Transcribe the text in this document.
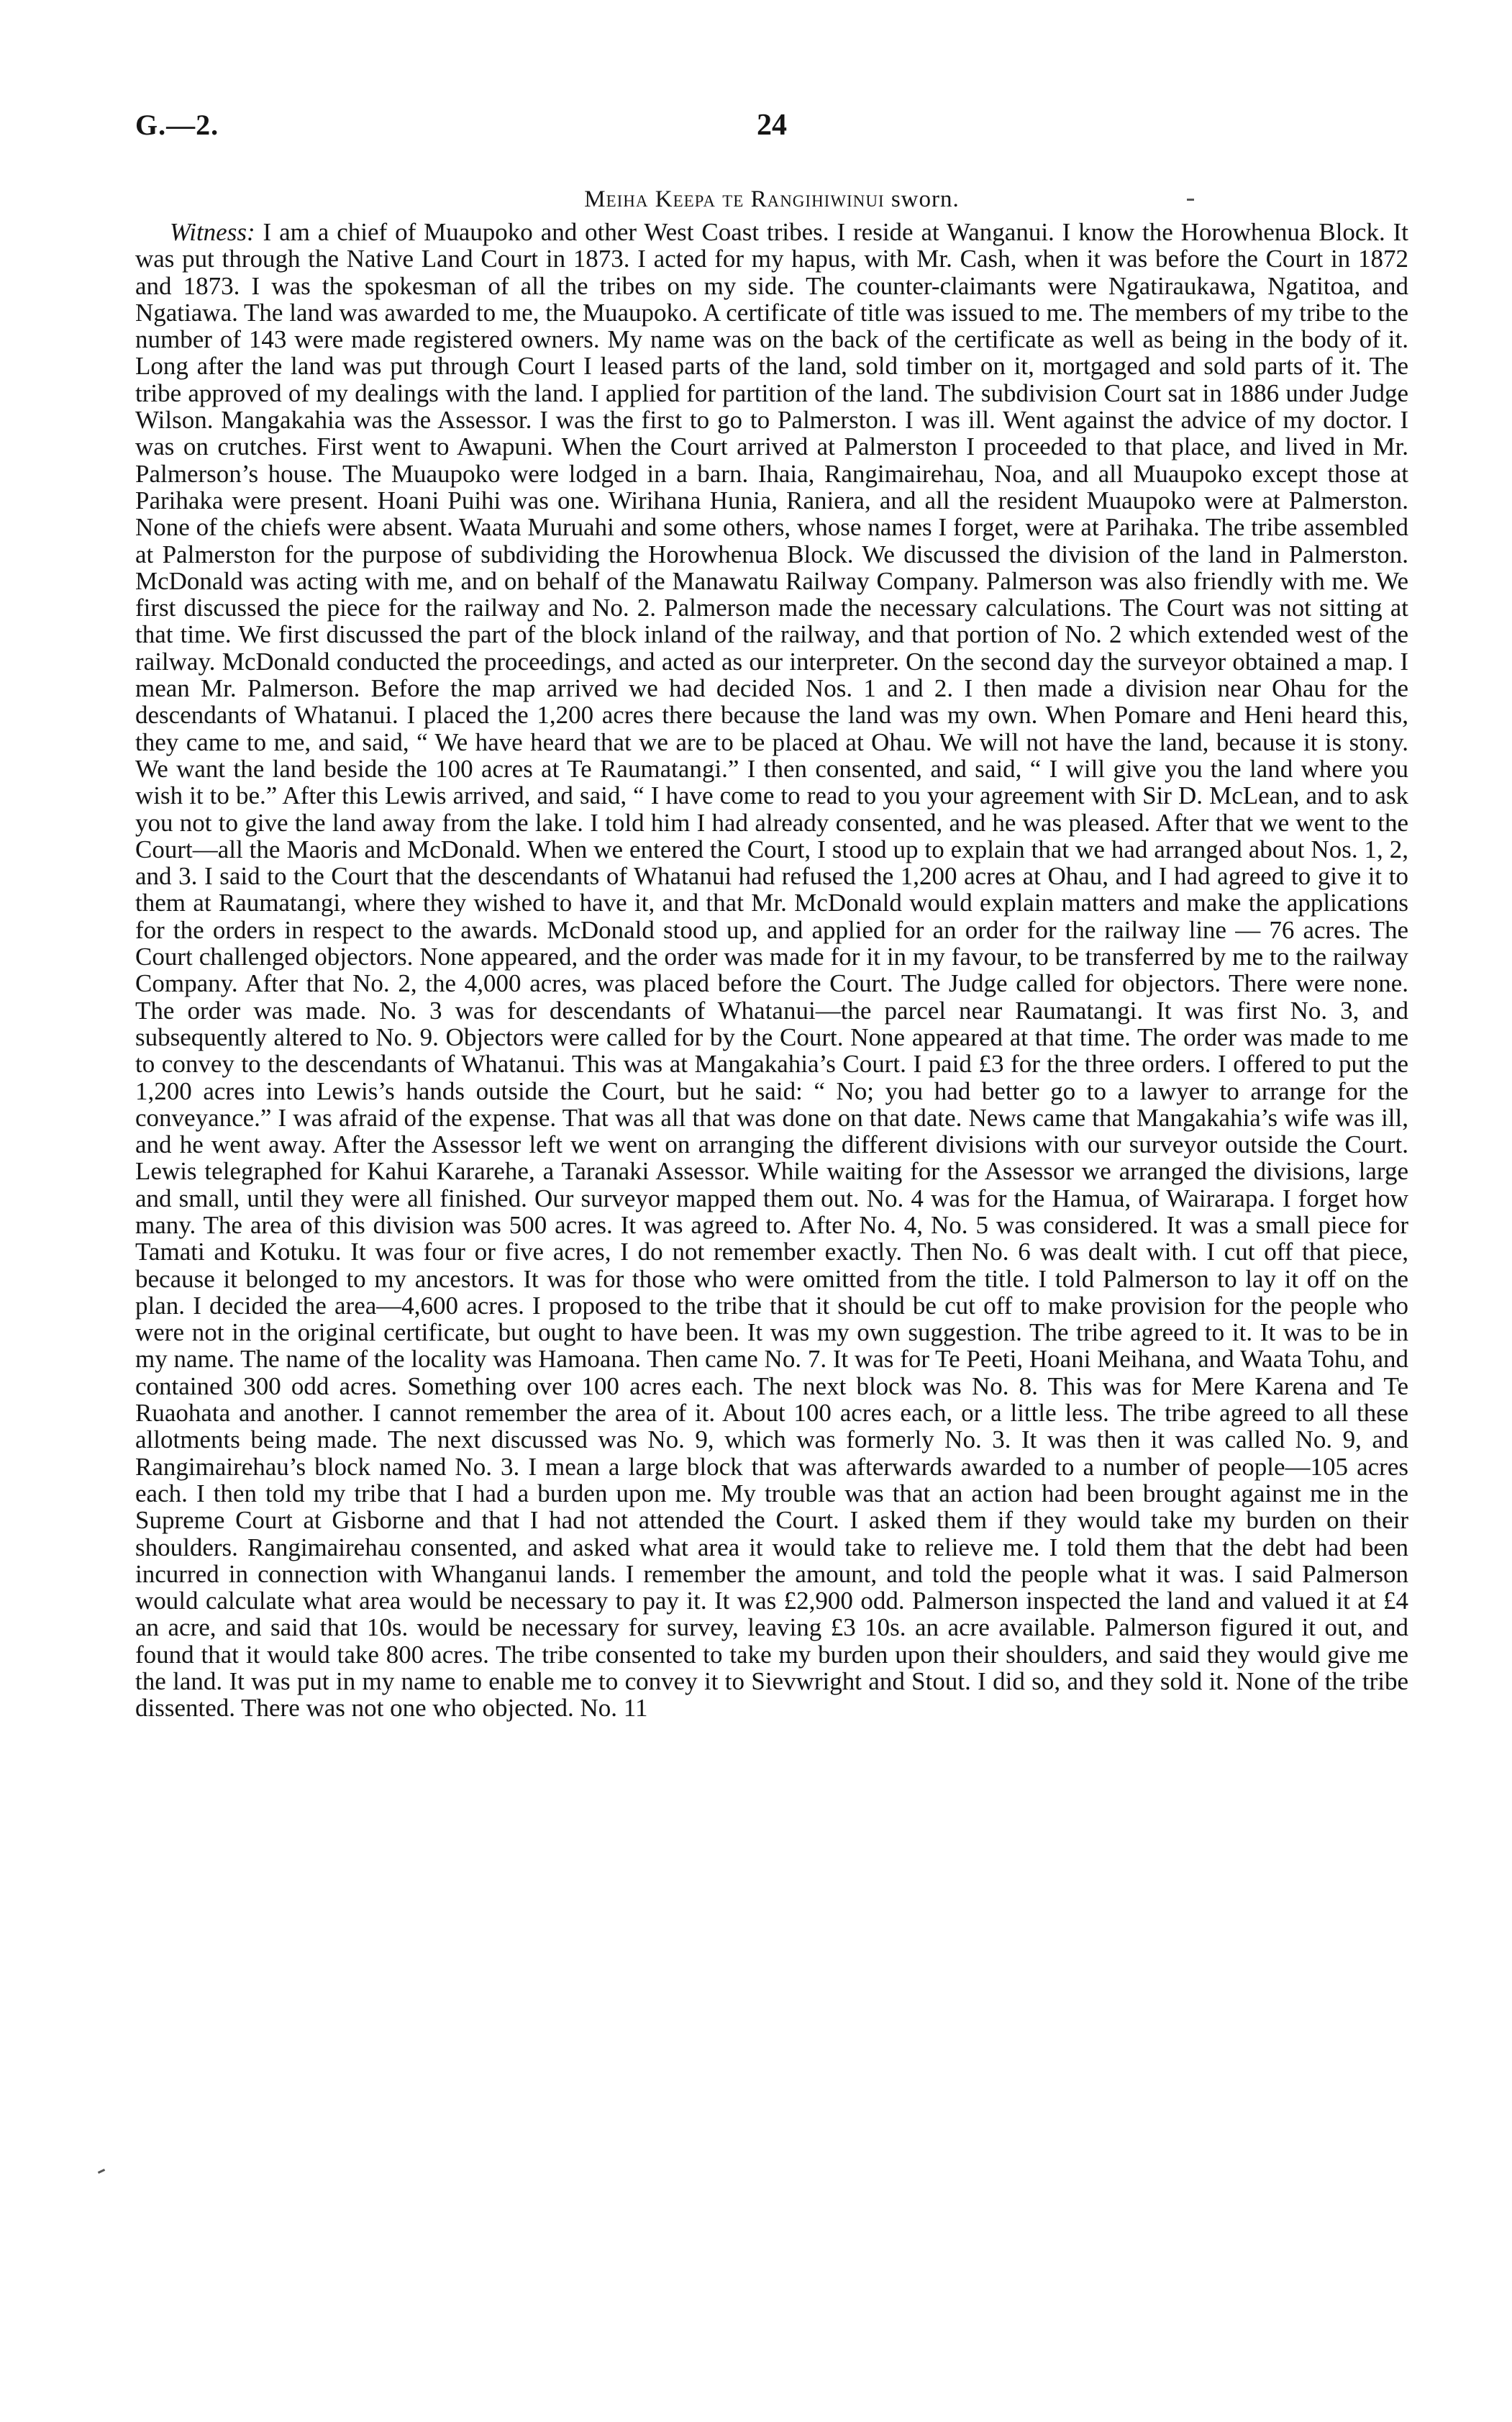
G.—2.	24

Meiha Keepa te Rangihiwinui sworn.

Witness: I am a chief of Muaupoko and other West Coast tribes. I reside at Wanganui. I know the Horowhenua Block. It was put through the Native Land Court in 1873. I acted for my hapus, with Mr. Cash, when it was before the Court in 1872 and 1873. I was the spokesman of all the tribes on my side. The counter-claimants were Ngatiraukawa, Ngatitoa, and Ngatiawa. The land was awarded to me, the Muaupoko. A certificate of title was issued to me. The members of my tribe to the number of 143 were made registered owners. My name was on the back of the certificate as well as being in the body of it. Long after the land was put through Court I leased parts of the land, sold timber on it, mortgaged and sold parts of it. The tribe approved of my dealings with the land. I applied for partition of the land. The subdivision Court sat in 1886 under Judge Wilson. Mangakahia was the Assessor. I was the first to go to Palmerston. I was ill. Went against the advice of my doctor. I was on crutches. First went to Awapuni. When the Court arrived at Palmerston I proceeded to that place, and lived in Mr. Palmerson’s house. The Muaupoko were lodged in a barn. Ihaia, Rangimairehau, Noa, and all Muaupoko except those at Parihaka were present. Hoani Puihi was one. Wirihana Hunia, Raniera, and all the resident Muaupoko were at Palmerston. None of the chiefs were absent. Waata Muruahi and some others, whose names I forget, were at Parihaka. The tribe assembled at Palmerston for the purpose of subdividing the Horowhenua Block. We discussed the division of the land in Palmerston. McDonald was acting with me, and on behalf of the Manawatu Railway Company. Palmerson was also friendly with me. We first discussed the piece for the railway and No. 2. Palmerson made the necessary calculations. The Court was not sitting at that time. We first discussed the part of the block inland of the railway, and that portion of No. 2 which extended west of the railway. McDonald conducted the proceedings, and acted as our interpreter. On the second day the surveyor obtained a map. I mean Mr. Palmerson. Before the map arrived we had decided Nos. 1 and 2. I then made a division near Ohau for the descendants of Whatanui. I placed the 1,200 acres there because the land was my own. When Pomare and Heni heard this, they came to me, and said, “ We have heard that we are to be placed at Ohau. We will not have the land, because it is stony. We want the land beside the 100 acres at Te Raumatangi.” I then consented, and said, “ I will give you the land where you wish it to be.” After this Lewis arrived, and said, “ I have come to read to you your agreement with Sir D. McLean, and to ask you not to give the land away from the lake. I told him I had already consented, and he was pleased. After that we went to the Court—all the Maoris and McDonald. When we entered the Court, I stood up to explain that we had arranged about Nos. 1, 2, and 3. I said to the Court that the descendants of Whatanui had refused the 1,200 acres at Ohau, and I had agreed to give it to them at Raumatangi, where they wished to have it, and that Mr. McDonald would explain matters and make the applications for the orders in respect to the awards. McDonald stood up, and applied for an order for the railway line — 76 acres. The Court challenged objectors. None appeared, and the order was made for it in my favour, to be transferred by me to the railway Company. After that No. 2, the 4,000 acres, was placed before the Court. The Judge called for objectors. There were none. The order was made. No. 3 was for descendants of Whatanui—the parcel near Raumatangi. It was first No. 3, and subsequently altered to No. 9. Objectors were called for by the Court. None appeared at that time. The order was made to me to convey to the descendants of Whatanui. This was at Mangakahia’s Court. I paid £3 for the three orders. I offered to put the 1,200 acres into Lewis’s hands outside the Court, but he said: “ No; you had better go to a lawyer to arrange for the conveyance.” I was afraid of the expense. That was all that was done on that date. News came that Mangakahia’s wife was ill, and he went away. After the Assessor left we went on arranging the different divisions with our surveyor outside the Court. Lewis telegraphed for Kahui Kararehe, a Taranaki Assessor. While waiting for the Assessor we arranged the divisions, large and small, until they were all finished. Our surveyor mapped them out. No. 4 was for the Hamua, of Wairarapa. I forget how many. The area of this division was 500 acres. It was agreed to. After No. 4, No. 5 was considered. It was a small piece for Tamati and Kotuku. It was four or five acres, I do not remember exactly. Then No. 6 was dealt with. I cut off that piece, because it belonged to my ancestors. It was for those who were omitted from the title. I told Palmerson to lay it off on the plan. I decided the area—4,600 acres. I proposed to the tribe that it should be cut off to make provision for the people who were not in the original certificate, but ought to have been. It was my own suggestion. The tribe agreed to it. It was to be in my name. The name of the locality was Hamoana. Then came No. 7. It was for Te Peeti, Hoani Meihana, and Waata Tohu, and contained 300 odd acres. Something over 100 acres each. The next block was No. 8. This was for Mere Karena and Te Ruaohata and another. I cannot remember the area of it. About 100 acres each, or a little less. The tribe agreed to all these allotments being made. The next discussed was No. 9, which was formerly No. 3. It was then it was called No. 9, and Rangimairehau’s block named No. 3. I mean a large block that was afterwards awarded to a number of people—105 acres each. I then told my tribe that I had a burden upon me. My trouble was that an action had been brought against me in the Supreme Court at Gisborne and that I had not attended the Court. I asked them if they would take my burden on their shoulders. Rangimairehau consented, and asked what area it would take to relieve me. I told them that the debt had been incurred in connection with Whanganui lands. I remember the amount, and told the people what it was. I said Palmerson would calculate what area would be necessary to pay it. It was £2,900 odd. Palmerson inspected the land and valued it at £4 an acre, and said that 10s. would be necessary for survey, leaving £3 10s. an acre available. Palmerson figured it out, and found that it would take 800 acres. The tribe consented to take my burden upon their shoulders, and said they would give me the land. It was put in my name to enable me to convey it to Sievwright and Stout. I did so, and they sold it. None of the tribe dissented. There was not one who objected. No. 11
